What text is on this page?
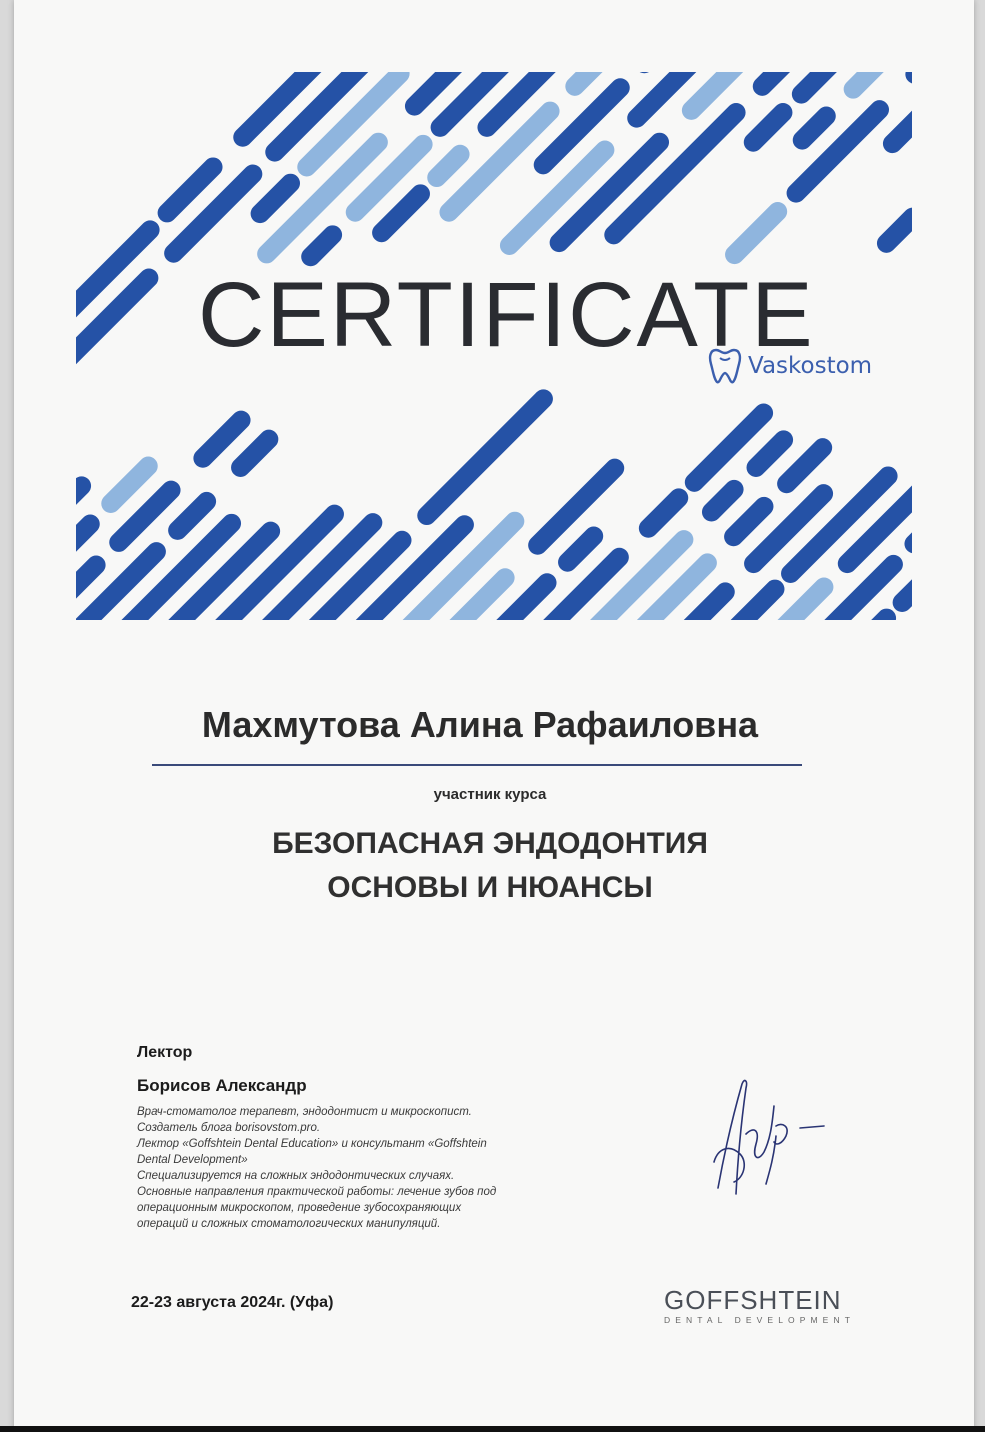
CERTIFICATE
Vaskostom
Махмутова Алина Рафаиловна
участник курса
БЕЗОПАСНАЯ ЭНДОДОНТИЯ
ОСНОВЫ И НЮАНСЫ
Лектор
Борисов Александр
Врач-стоматолог терапевт, эндодонтист и микроскопист.
Создатель блога borisovstom.pro.
Лектор «Goffshtein Dental Education» и консультант «Goffshtein
Dental Development»
Специализируется на сложных эндодонтических случаях.
Основные направления практической работы: лечение зубов под
операционным микроскопом, проведение зубосохраняющих
операций и сложных стоматологических манипуляций.
22-23 августа 2024г. (Уфа)	GOFFSHTEIN
DENTAL DEVELOPMENT
